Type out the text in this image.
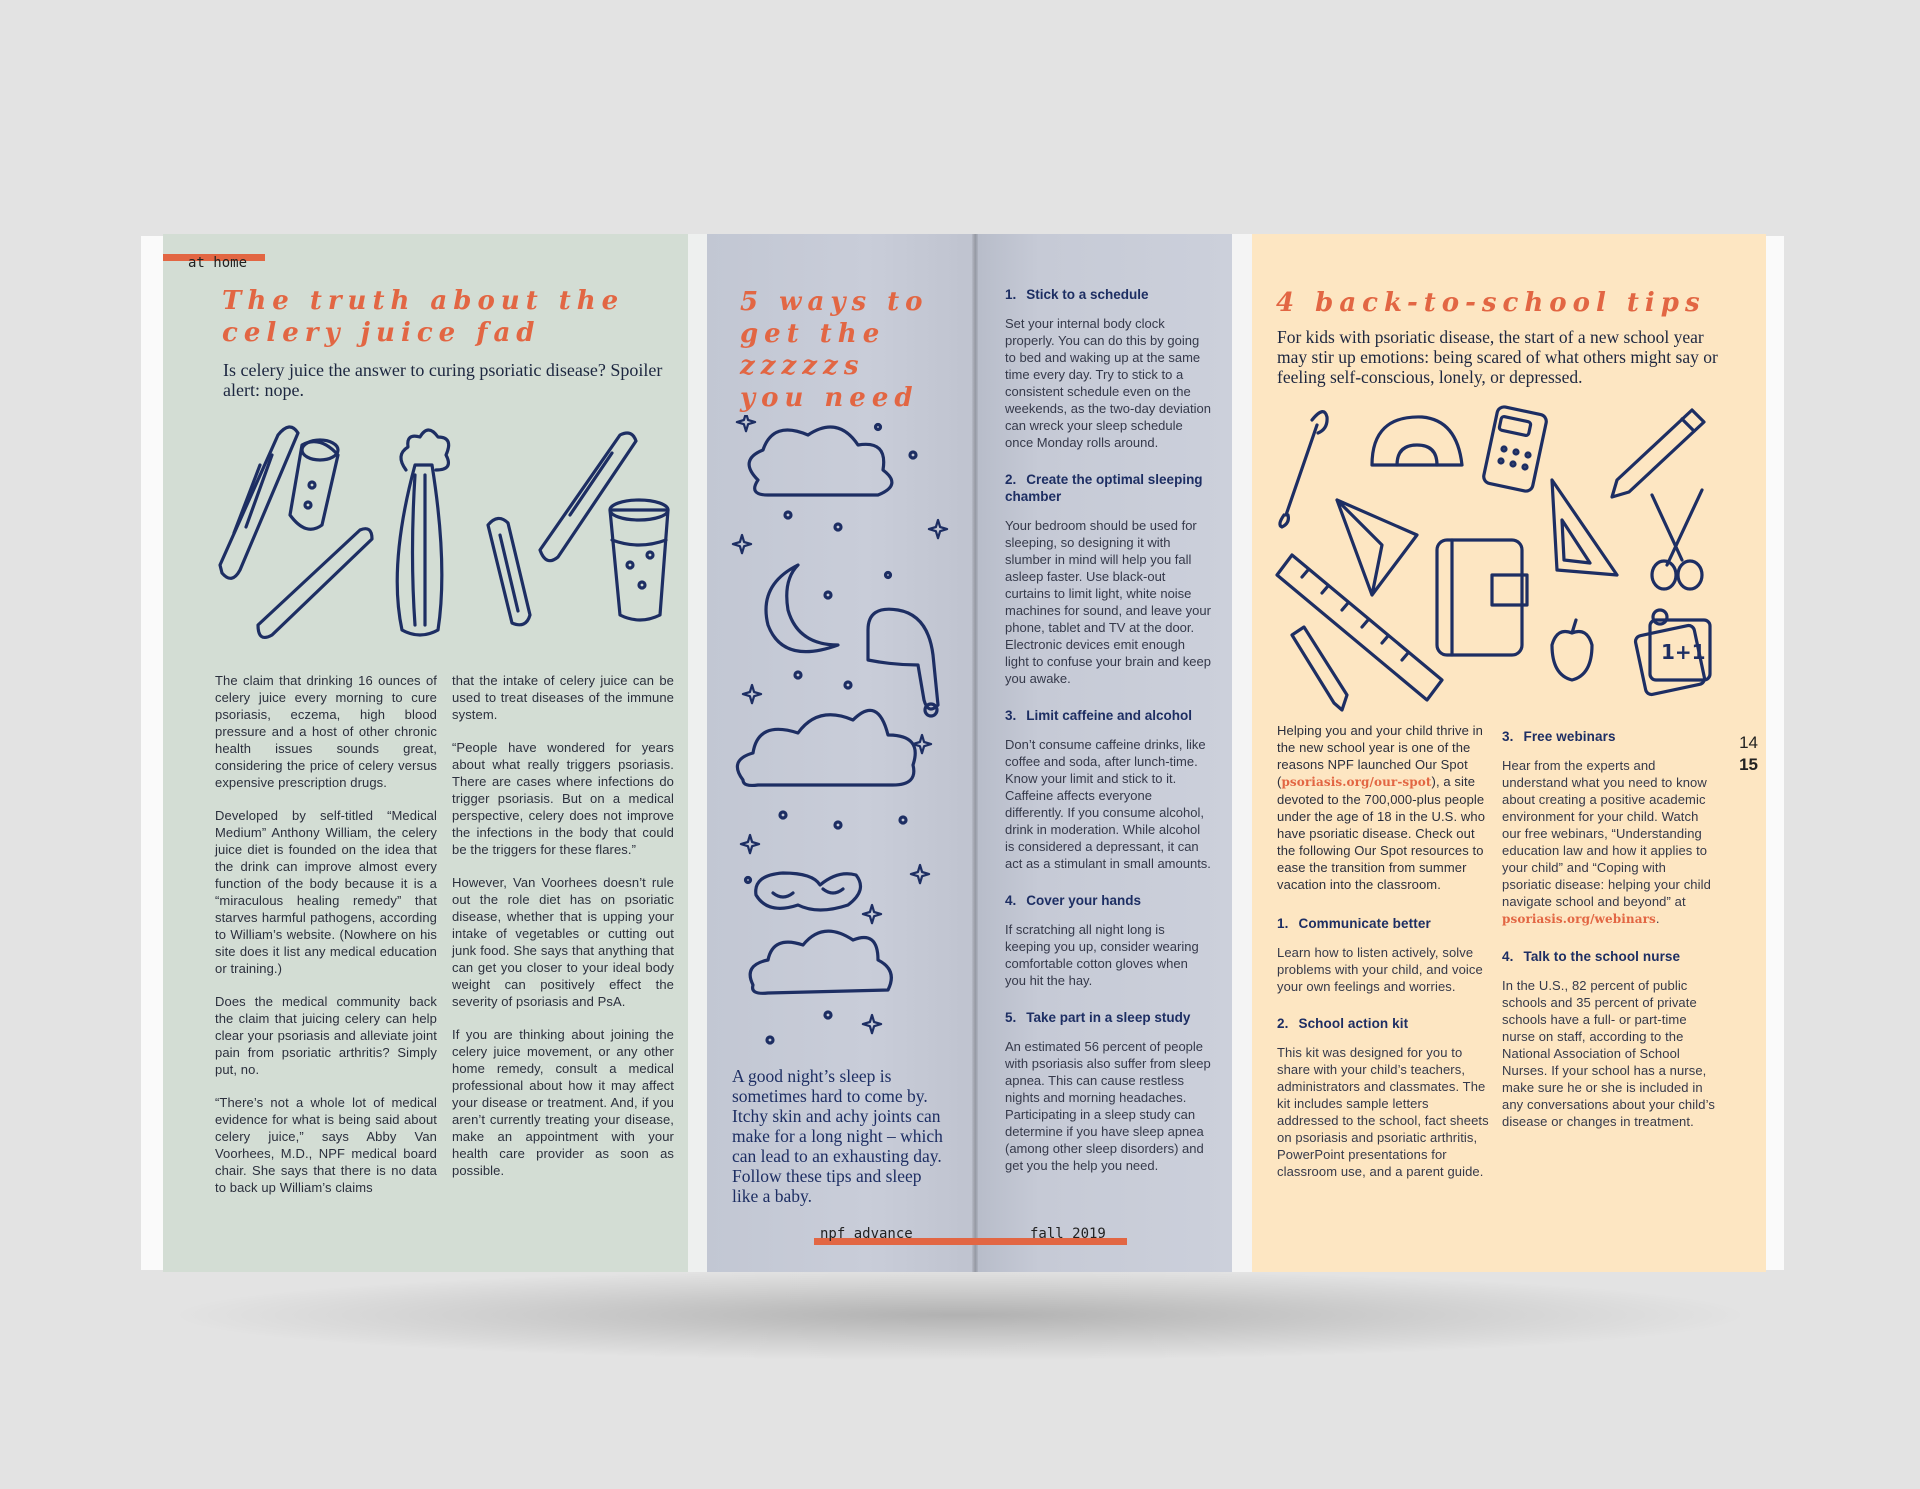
at home
The truth about the
celery juice fad
Is celery juice the answer to curing psoriatic disease? Spoiler alert: nope.

The claim that drinking 16 ounces of celery juice every morning to cure psoriasis, eczema, high blood pressure and a host of other chronic health issues sounds great, considering the price of celery versus expensive prescription drugs.

Developed by self-titled “Medical Medium” Anthony William, the celery juice diet is founded on the idea that the drink can improve almost every function of the body because it is a “miraculous healing remedy” that starves harmful pathogens, according to William’s website. (Nowhere on his site does it list any medical education or training.)

Does the medical community back the claim that juicing celery can help clear your psoriasis and alleviate joint pain from psoriatic arthritis? Simply put, no.

“There’s not a whole lot of medical evidence for what is being said about celery juice,” says Abby Van Voorhees, M.D., NPF medical board chair. She says that there is no data to back up William’s claims

that the intake of celery juice can be used to treat diseases of the immune system.

“People have wondered for years about what really triggers psoriasis. There are cases where infections do trigger psoriasis. But on a medical perspective, celery does not improve the infections in the body that could be the triggers for these flares.”

However, Van Voorhees doesn’t rule out the role diet has on psoriatic disease, whether that is upping your intake of vegetables or cutting out junk food. She says that anything that can get you closer to your ideal body weight can positively effect the severity of psoriasis and PsA.

If you are thinking about joining the celery juice movement, or any other home remedy, consult a medical professional about how it may affect your disease or treatment. And, if you aren’t currently treating your disease, make an appointment with your health care provider as soon as possible.

5 ways to
get the
zzzzzs
you need
A good night’s sleep is sometimes hard to come by. Itchy skin and achy joints can make for a long night – which can lead to an exhausting day. Follow these tips and sleep like a baby.
1. Stick to a schedule
Set your internal body clock properly. You can do this by going to bed and waking up at the same time every day. Try to stick to a consistent schedule even on the weekends, as the two-day deviation can wreck your sleep schedule once Monday rolls around.
2. Create the optimal sleeping chamber
Your bedroom should be used for sleeping, so designing it with slumber in mind will help you fall asleep faster. Use black-out curtains to limit light, white noise machines for sound, and leave your phone, tablet and TV at the door. Electronic devices emit enough light to confuse your brain and keep you awake.
3. Limit caffeine and alcohol
Don’t consume caffeine drinks, like coffee and soda, after lunch-time. Know your limit and stick to it. Caffeine affects everyone differently. If you consume alcohol, drink in moderation. While alcohol is considered a depressant, it can act as a stimulant in small amounts.
4. Cover your hands
If scratching all night long is keeping you up, consider wearing comfortable cotton gloves when you hit the hay.
5. Take part in a sleep study
An estimated 56 percent of people with psoriasis also suffer from sleep apnea. This can cause restless nights and morning headaches. Participating in a sleep study can determine if you have sleep apnea (among other sleep disorders) and get you the help you need.
npf advance	fall 2019
4 back-to-school tips
For kids with psoriatic disease, the start of a new school year may stir up emotions: being scared of what others might say or feeling self-conscious, lonely, or depressed.
1+1

Helping you and your child thrive in the new school year is one of the reasons NPF launched Our Spot (psoriasis.org/our-spot), a site devoted to the 700,000-plus people under the age of 18 in the U.S. who have psoriatic disease. Check out the following Our Spot resources to ease the transition from summer vacation into the classroom.

1. Communicate better
Learn how to listen actively, solve problems with your child, and voice your own feelings and worries.
2. School action kit
This kit was designed for you to share with your child’s teachers, administrators and classmates. The kit includes sample letters addressed to the school, fact sheets on psoriasis and psoriatic arthritis, PowerPoint presentations for classroom use, and a parent guide.
3. Free webinars
Hear from the experts and understand what you need to know about creating a positive academic environment for your child. Watch our free webinars, “Understanding education law and how it applies to your child” and “Coping with psoriatic disease: helping your child navigate school and beyond” at psoriasis.org/webinars.
4. Talk to the school nurse
In the U.S., 82 percent of public schools and 35 percent of private schools have a full- or part-time nurse on staff, according to the National Association of School Nurses. If your school has a nurse, make sure he or she is included in any conversations about your child’s disease or changes in treatment.
14
15
